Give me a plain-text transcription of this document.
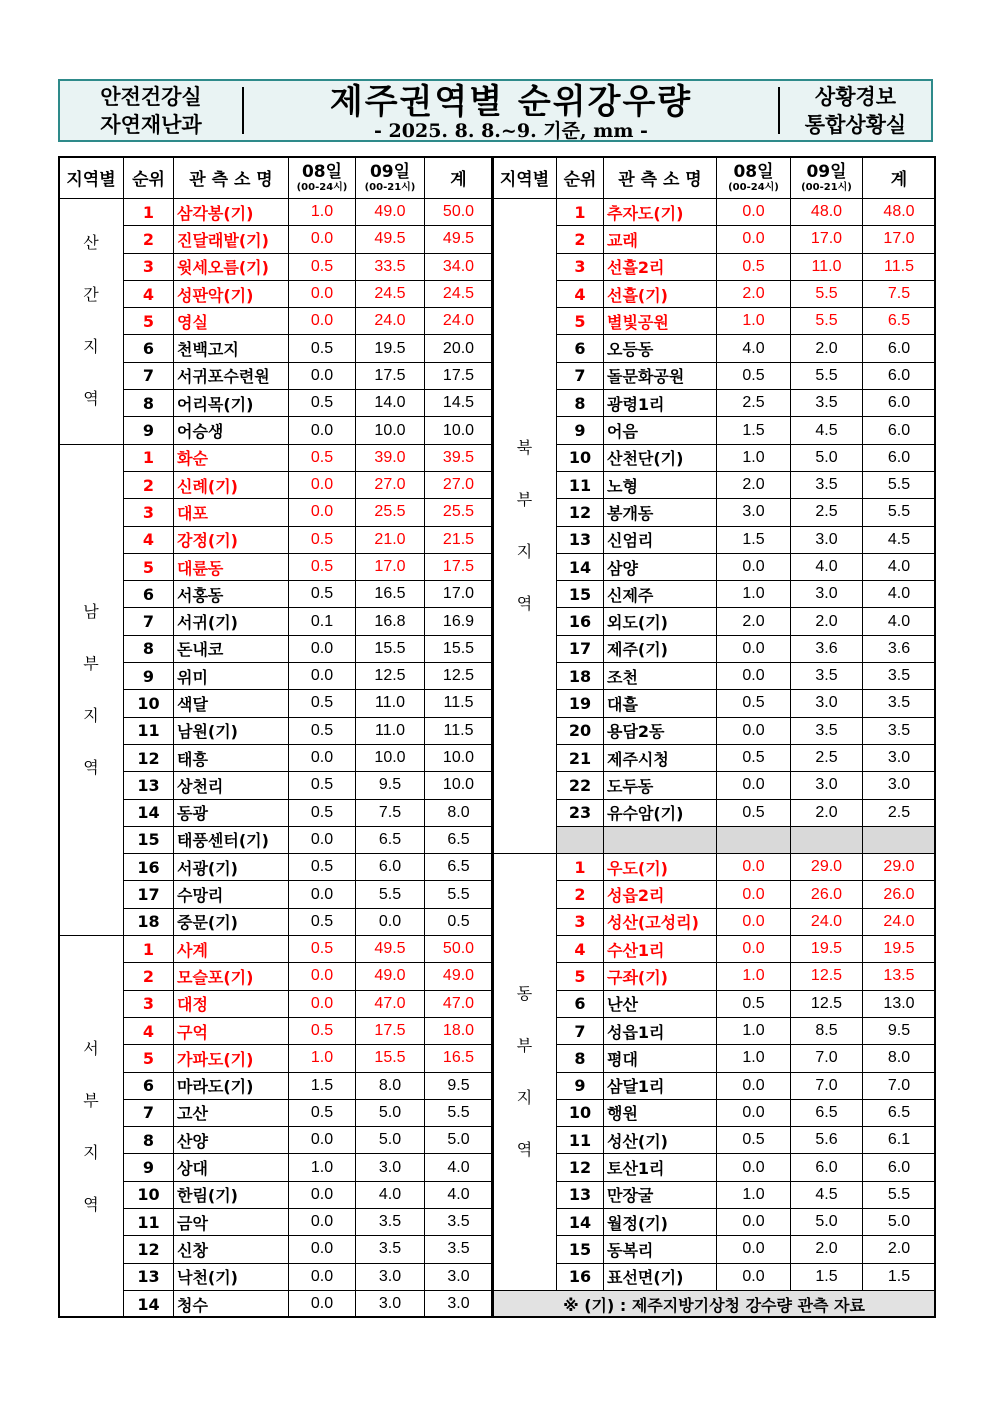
안전건강실
자연재난과
제주권역별 순위강우량
- 2025. 8. 8.~9. 기준, mm -
상황경보
통합상황실
지역별	순위	관 측 소 명	08일
(00-24시)	09일
(00-21시)	계
산
간
지
역	1	삼각봉(기)	1.0	49.0	50.0
	2	진달래밭(기)	0.0	49.5	49.5
	3	윗세오름(기)	0.5	33.5	34.0
	4	성판악(기)	0.0	24.5	24.5
	5	영실	0.0	24.0	24.0
	6	천백고지	0.5	19.5	20.0
	7	서귀포수련원	0.0	17.5	17.5
	8	어리목(기)	0.5	14.0	14.5
	9	어승생	0.0	10.0	10.0
남
부
지
역	1	화순	0.5	39.0	39.5
	2	신례(기)	0.0	27.0	27.0
	3	대포	0.0	25.5	25.5
	4	강정(기)	0.5	21.0	21.5
	5	대륜동	0.5	17.0	17.5
	6	서홍동	0.5	16.5	17.0
	7	서귀(기)	0.1	16.8	16.9
	8	돈내코	0.0	15.5	15.5
	9	위미	0.0	12.5	12.5
	10	색달	0.5	11.0	11.5
	11	남원(기)	0.5	11.0	11.5
	12	태흥	0.0	10.0	10.0
	13	상천리	0.5	9.5	10.0
	14	동광	0.5	7.5	8.0
	15	태풍센터(기)	0.0	6.5	6.5
	16	서광(기)	0.5	6.0	6.5
	17	수망리	0.0	5.5	5.5
	18	중문(기)	0.5	0.0	0.5
서
부
지
역	1	사계	0.5	49.5	50.0
	2	모슬포(기)	0.0	49.0	49.0
	3	대정	0.0	47.0	47.0
	4	구억	0.5	17.5	18.0
	5	가파도(기)	1.0	15.5	16.5
	6	마라도(기)	1.5	8.0	9.5
	7	고산	0.5	5.0	5.5
	8	산양	0.0	5.0	5.0
	9	상대	1.0	3.0	4.0
	10	한림(기)	0.0	4.0	4.0
	11	금악	0.0	3.5	3.5
	12	신창	0.0	3.5	3.5
	13	낙천(기)	0.0	3.0	3.0
	14	청수	0.0	3.0	3.0
지역별	순위	관 측 소 명	08일
(00-24시)	09일
(00-21시)	계
북
부
지
역	1	추자도(기)	0.0	48.0	48.0
	2	교래	0.0	17.0	17.0
	3	선흘2리	0.5	11.0	11.5
	4	선흘(기)	2.0	5.5	7.5
	5	별빛공원	1.0	5.5	6.5
	6	오등동	4.0	2.0	6.0
	7	돌문화공원	0.5	5.5	6.0
	8	광령1리	2.5	3.5	6.0
	9	어음	1.5	4.5	6.0
	10	산천단(기)	1.0	5.0	6.0
	11	노형	2.0	3.5	5.5
	12	봉개동	3.0	2.5	5.5
	13	신엄리	1.5	3.0	4.5
	14	삼양	0.0	4.0	4.0
	15	신제주	1.0	3.0	4.0
	16	외도(기)	2.0	2.0	4.0
	17	제주(기)	0.0	3.6	3.6
	18	조천	0.0	3.5	3.5
	19	대흘	0.5	3.0	3.5
	20	용담2동	0.0	3.5	3.5
	21	제주시청	0.5	2.5	3.0
	22	도두동	0.0	3.0	3.0
	23	유수암(기)	0.5	2.0	2.5

동
부
지
역	1	우도(기)	0.0	29.0	29.0
	2	성읍2리	0.0	26.0	26.0
	3	성산(고성리)	0.0	24.0	24.0
	4	수산1리	0.0	19.5	19.5
	5	구좌(기)	1.0	12.5	13.5
	6	난산	0.5	12.5	13.0
	7	성읍1리	1.0	8.5	9.5
	8	평대	1.0	7.0	8.0
	9	삼달1리	0.0	7.0	7.0
	10	행원	0.0	6.5	6.5
	11	성산(기)	0.5	5.6	6.1
	12	토산1리	0.0	6.0	6.0
	13	만장굴	1.0	4.5	5.5
	14	월정(기)	0.0	5.0	5.0
	15	동복리	0.0	2.0	2.0
	16	표선면(기)	0.0	1.5	1.5
※ (기) : 제주지방기상청 강수량 관측 자료					
